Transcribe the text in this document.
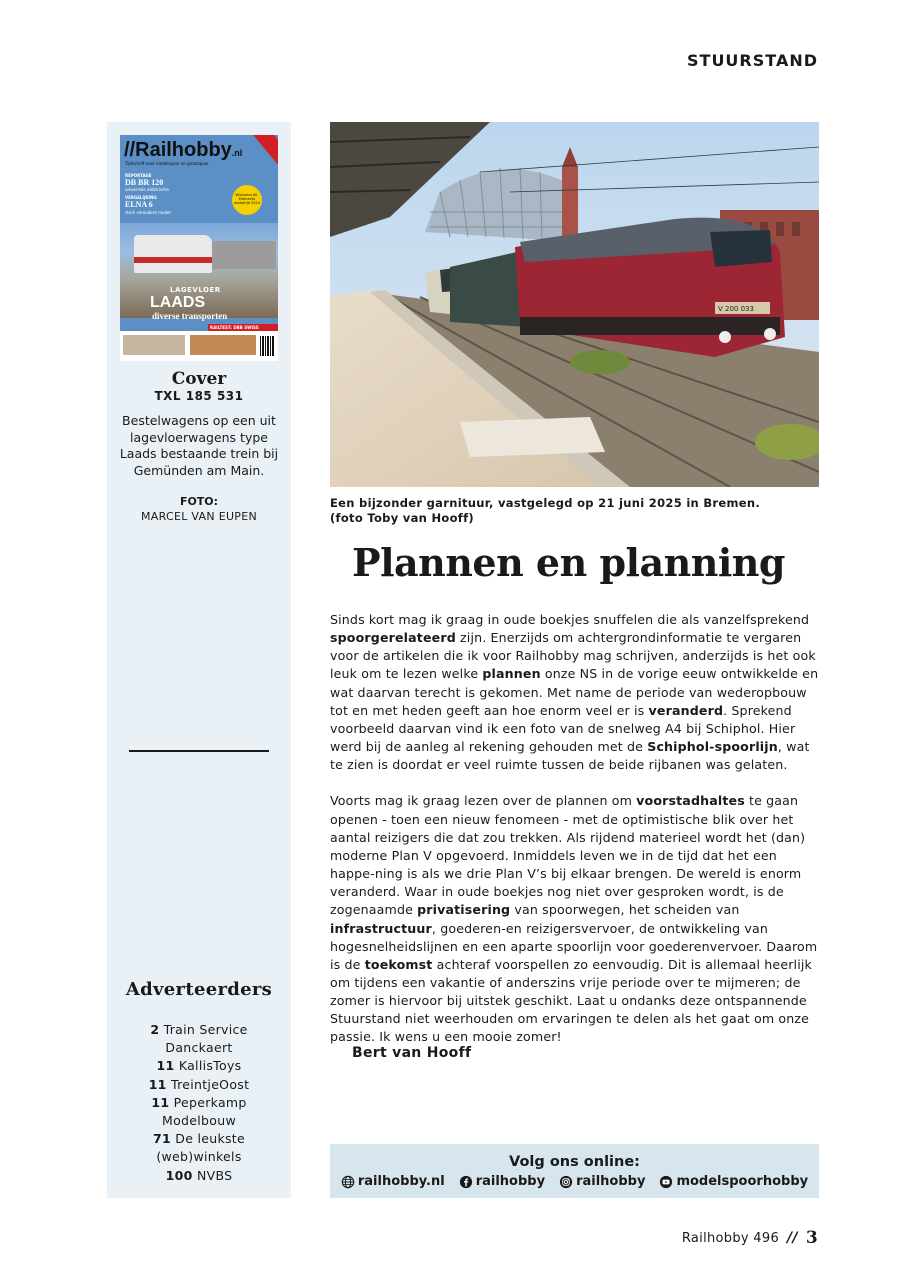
STUURSTAND
//Railhobby.nl
Tijdschrift voor modelspoor en grootspoor
REPORTAGE
DB BR 120
universele elektrische
VERGELIJKING
ELNA 6
sterk verouderd model
Winnaars All-Elements wedstrijd 2024
LAGEVLOER
LAADS
diverse transporten
RAILTEST: DBB SWISS
Cover
TXL 185 531
Bestelwagens op een uit lagevloerwagens type Laads bestaande trein bij Gemünden am Main.
FOTO:
MARCEL VAN EUPEN
Adverteerders
2 Train Service Danckaert
11 KallisToys
11 TreintjeOost
11 Peperkamp Modelbouw
71 De leukste (web)winkels
100 NVBS
V 200 033
Een bijzonder garnituur, vastgelegd op 21 juni 2025 in Bremen.
(foto Toby van Hooff)
Plannen en planning

Sinds kort mag ik graag in oude boekjes snuffelen die als vanzelfsprekend spoorgerelateerd zijn. Enerzijds om achtergrondinformatie te vergaren voor de artikelen die ik voor Railhobby mag schrijven, anderzijds is het ook leuk om te lezen welke plannen onze NS in de vorige eeuw ontwikkelde en wat daarvan terecht is gekomen. Met name de periode van wederopbouw tot en met heden geeft aan hoe enorm veel er is veranderd. Sprekend voorbeeld daarvan vind ik een foto van de snelweg A4 bij Schiphol. Hier werd bij de aanleg al rekening gehouden met de Schiphol-spoorlijn, wat te zien is doordat er veel ruimte tussen de beide rijbanen was gelaten.

Voorts mag ik graag lezen over de plannen om voorstadhaltes te gaan openen - toen een nieuw fenomeen - met de optimistische blik over het aantal reizigers die dat zou trekken. Als rijdend materieel wordt het (dan) moderne Plan V opgevoerd. Inmiddels leven we in de tijd dat het een happe-ning is als we drie Plan V’s bij elkaar brengen. De wereld is enorm veranderd. Waar in oude boekjes nog niet over gesproken wordt, is de zogenaamde privatisering van spoorwegen, het scheiden van infrastructuur, goederen-en reizigersvervoer, de ontwikkeling van hogesnelheidslijnen en een aparte spoorlijn voor goederenvervoer. Daarom is de toekomst achteraf voorspellen zo eenvoudig. Dit is allemaal heerlijk om tijdens een vakantie of anderszins vrije periode over te mijmeren; de zomer is hiervoor bij uitstek geschikt. Laat u ondanks deze ontspannende Stuurstand niet weerhouden om ervaringen te delen als het gaat om onze passie. Ik wens u een mooie zomer!

Bert van Hooff
Volg ons online:
railhobby.nl railhobby railhobby modelspoorhobby
Railhobby 496 // 3
